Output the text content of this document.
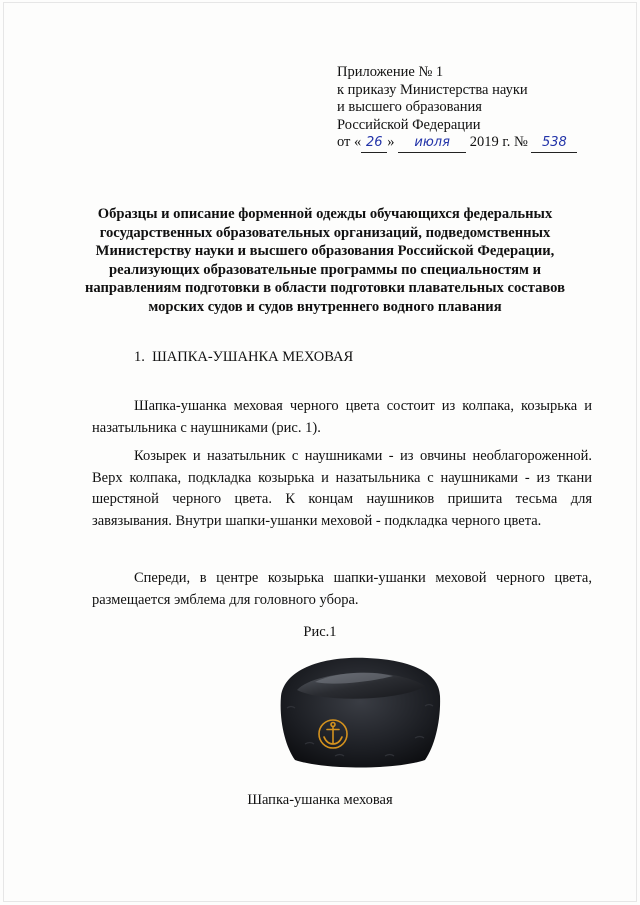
Приложение № 1
к приказу Министерства науки
и высшего образования
Российской Федерации
от « 26 » июля 2019 г. № 538
Образцы и описание форменной одежды обучающихся федеральных государственных образовательных организаций, подведомственных Министерству науки и высшего образования Российской Федерации, реализующих образовательные программы по специальностям и направлениям подготовки в области подготовки плавательных составов морских судов и судов внутреннего водного плавания
1. ШАПКА-УШАНКА МЕХОВАЯ

Шапка-ушанка меховая черного цвета состоит из колпака, козырька и назатыльника с наушниками (рис. 1).

Козырек и назатыльник с наушниками - из овчины необлагороженной. Верх колпака, подкладка козырька и назатыльника с наушниками - из ткани шерстяной черного цвета. К концам наушников пришита тесьма для завязывания. Внутри шапки-ушанки меховой - подкладка черного цвета.

Спереди, в центре козырька шапки-ушанки меховой черного цвета, размещается эмблема для головного убора.

Рис.1
Шапка-ушанка меховая
